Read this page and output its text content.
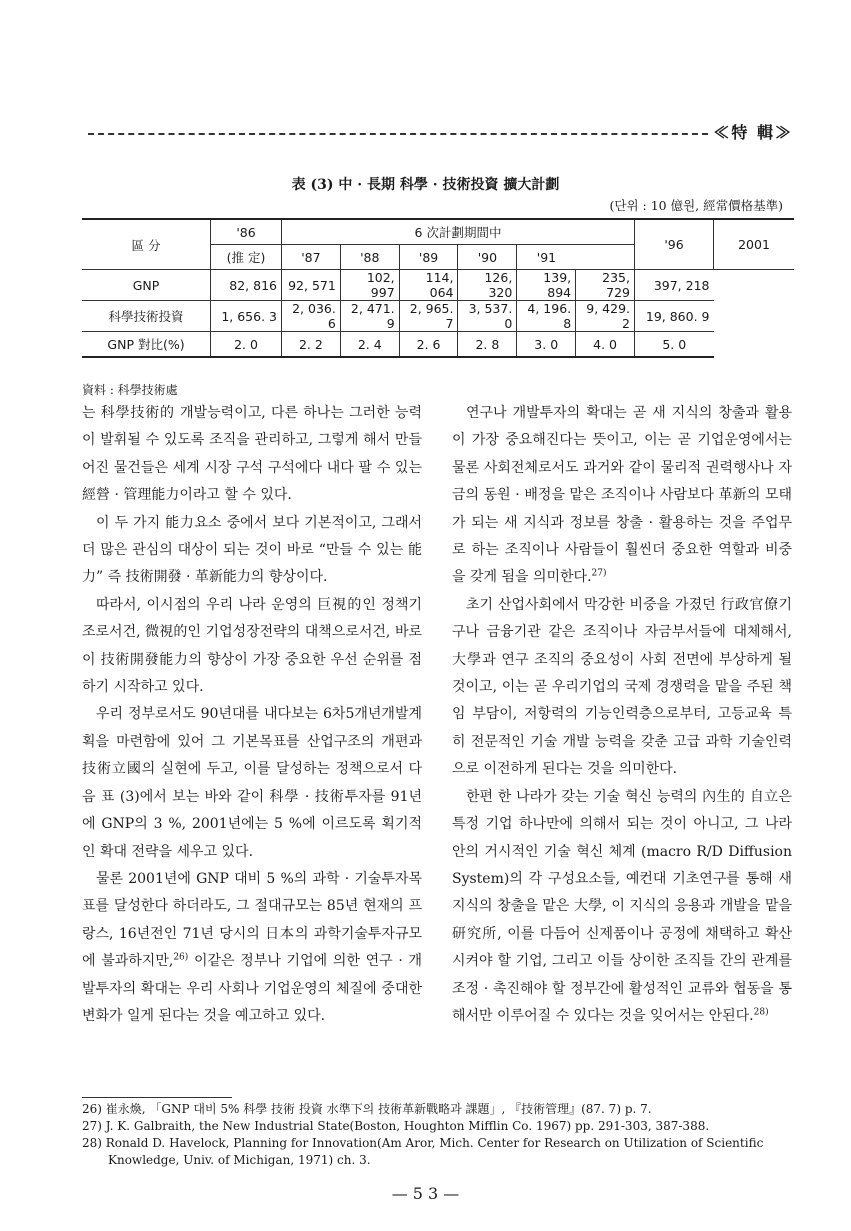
≪特 輯≫
表 (3) 中 · 長期 科學 · 技術投資 擴大計劃
(단위 : 10 億원, 經常價格基準)
區 分	'86	6 次計劃期間中						'96	2001
	(推 定)	'87	'88	'89	'90	'91			
GNP	82, 816	92, 571	102, 997	114, 064	126, 320	139, 894	235, 729	397, 218	
科學技術投資	1, 656. 3	2, 036. 6	2, 471. 9	2, 965. 7	3, 537. 0	4, 196. 8	9, 429. 2	19, 860. 9	
GNP 對比(%)	2. 0	2. 2	2. 4	2. 6	2. 8	3. 0	4. 0	5. 0	
資料 : 科學技術處

는 科學技術的 개발능력이고, 다른 하나는 그러한 능력이 발휘될 수 있도록 조직을 관리하고, 그렇게 해서 만들어진 물건들은 세계 시장 구석 구석에다 내다 팔 수 있는 經營 · 管理能力이라고 할 수 있다.

이 두 가지 能力요소 중에서 보다 기본적이고, 그래서 더 많은 관심의 대상이 되는 것이 바로 “만들 수 있는 能力” 즉 技術開發 · 革新能力의 향상이다.

따라서, 이시점의 우리 나라 운영의 巨視的인 정책기조로서건, 微視的인 기업성장전략의 대책으로서건, 바로 이 技術開發能力의 향상이 가장 중요한 우선 순위를 점하기 시작하고 있다.

우리 정부로서도 90년대를 내다보는 6차5개년개발계획을 마련함에 있어 그 기본목표를 산업구조의 개편과 技術立國의 실현에 두고, 이를 달성하는 정책으로서 다음 표 (3)에서 보는 바와 같이 科學 · 技術투자를 91년에 GNP의 3 %, 2001년에는 5 %에 이르도록 획기적인 확대 전략을 세우고 있다.

물론 2001년에 GNP 대비 5 %의 과학 · 기술투자목표를 달성한다 하더라도, 그 절대규모는 85년 현재의 프랑스, 16년전인 71년 당시의 日本의 과학기술투자규모에 불과하지만,$^{26)}$ 이같은 정부나 기업에 의한 연구 · 개발투자의 확대는 우리 사회나 기업운영의 체질에 중대한 변화가 일게 된다는 것을 예고하고 있다.

연구나 개발투자의 확대는 곧 새 지식의 창출과 활용이 가장 중요해진다는 뜻이고, 이는 곧 기업운영에서는 물론 사회전체로서도 과거와 같이 물리적 권력행사나 자금의 동원 · 배정을 맡은 조직이나 사람보다 革新의 모태가 되는 새 지식과 정보를 창출 · 활용하는 것을 주업무로 하는 조직이나 사람들이 훨씬더 중요한 역할과 비중을 갖게 됨을 의미한다.$^{27)}$

초기 산업사회에서 막강한 비중을 가졌던 行政官僚기구나 금융기관 같은 조직이나 자금부서들에 대체해서, 大學과 연구 조직의 중요성이 사회 전면에 부상하게 될 것이고, 이는 곧 우리기업의 국제 경쟁력을 맡을 주된 책임 부담이, 저항력의 기능인력층으로부터, 고등교육 특히 전문적인 기술 개발 능력을 갖춘 고급 과학 기술인력으로 이전하게 된다는 것을 의미한다.

한편 한 나라가 갖는 기술 혁신 능력의 內生的 自立은 특정 기업 하나만에 의해서 되는 것이 아니고, 그 나라 안의 거시적인 기술 혁신 체계 (macro R/D Diffusion System)의 각 구성요소들, 예컨대 기초연구를 통해 새지식의 창출을 맡은 大學, 이 지식의 응용과 개발을 맡을 研究所, 이를 다듬어 신제품이나 공정에 채택하고 확산시켜야 할 기업, 그리고 이들 상이한 조직들 간의 관계를 조정 · 촉진해야 할 정부간에 활성적인 교류와 협동을 통해서만 이루어질 수 있다는 것을 잊어서는 안된다.$^{28)}$

26) 崔永煥, 「GNP 대비 5% 科學 技術 投資 水準下의 技術革新戰略과 課題」, 『技術管理』(87. 7) p. 7.
27) J. K. Galbraith, the New Industrial State(Boston, Houghton Mifflin Co. 1967) pp. 291-303, 387-388.
28) Ronald D. Havelock, Planning for Innovation(Am Aror, Mich. Center for Research on Utilization of Scientific Knowledge, Univ. of Michigan, 1971) ch. 3.
— 5 3 —
